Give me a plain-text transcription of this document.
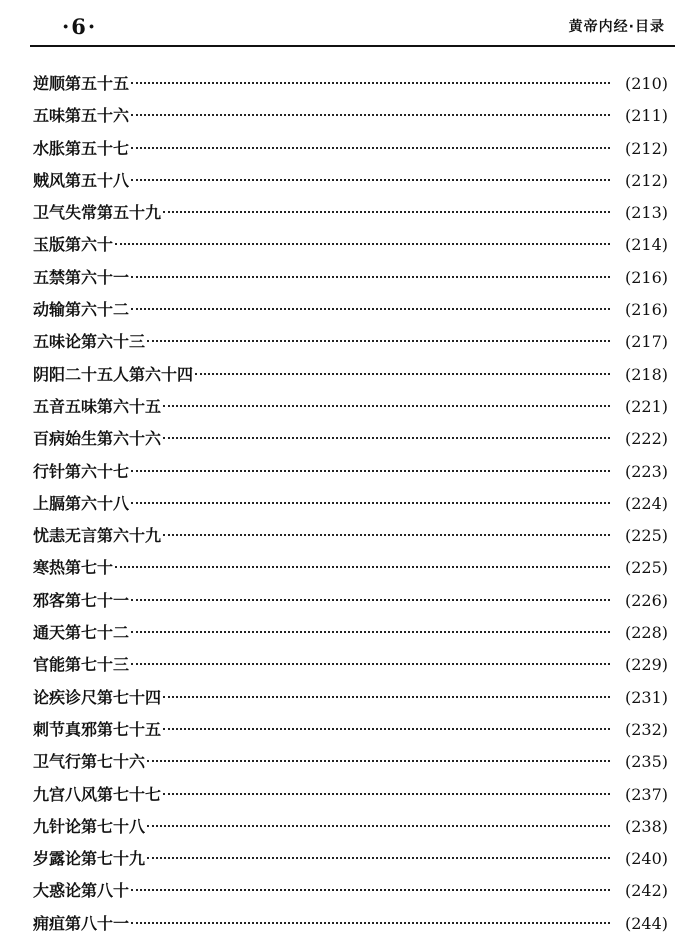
·6·	黄帝内经·目录
逆顺第五十五	(210)
五味第五十六	(211)
水胀第五十七	(212)
贼风第五十八	(212)
卫气失常第五十九	(213)
玉版第六十	(214)
五禁第六十一	(216)
动输第六十二	(216)
五味论第六十三	(217)
阴阳二十五人第六十四	(218)
五音五味第六十五	(221)
百病始生第六十六	(222)
行针第六十七	(223)
上膈第六十八	(224)
忧恚无言第六十九	(225)
寒热第七十	(225)
邪客第七十一	(226)
通天第七十二	(228)
官能第七十三	(229)
论疾诊尺第七十四	(231)
刺节真邪第七十五	(232)
卫气行第七十六	(235)
九宫八风第七十七	(237)
九针论第七十八	(238)
岁露论第七十九	(240)
大惑论第八十	(242)
痈疽第八十一	(244)
